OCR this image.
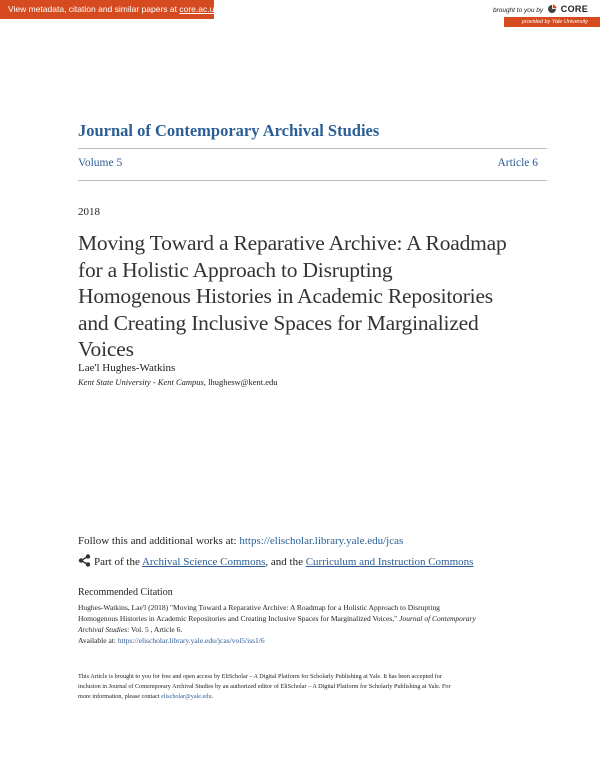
View metadata, citation and similar papers at core.ac.uk	brought to you by CORE
provided by Yale University
Journal of Contemporary Archival Studies
Volume 5	Article 6
2018
Moving Toward a Reparative Archive: A Roadmap
for a Holistic Approach to Disrupting
Homogenous Histories in Academic Repositories
and Creating Inclusive Spaces for Marginalized
Voices
Lae'l Hughes-Watkins
Kent State University - Kent Campus, lhughesw@kent.edu
Follow this and additional works at: https://elischolar.library.yale.edu/jcas
Part of the Archival Science Commons, and the Curriculum and Instruction Commons
Recommended Citation
Hughes-Watkins, Lae'l (2018) "Moving Toward a Reparative Archive: A Roadmap for a Holistic Approach to Disrupting
Homogenous Histories in Academic Repositories and Creating Inclusive Spaces for Marginalized Voices," Journal of Contemporary
Archival Studies: Vol. 5 , Article 6.
Available at: https://elischolar.library.yale.edu/jcas/vol5/iss1/6
This Article is brought to you for free and open access by EliScholar – A Digital Platform for Scholarly Publishing at Yale. It has been accepted for
inclusion in Journal of Contemporary Archival Studies by an authorized editor of EliScholar – A Digital Platform for Scholarly Publishing at Yale. For
more information, please contact elischolar@yale.edu.
